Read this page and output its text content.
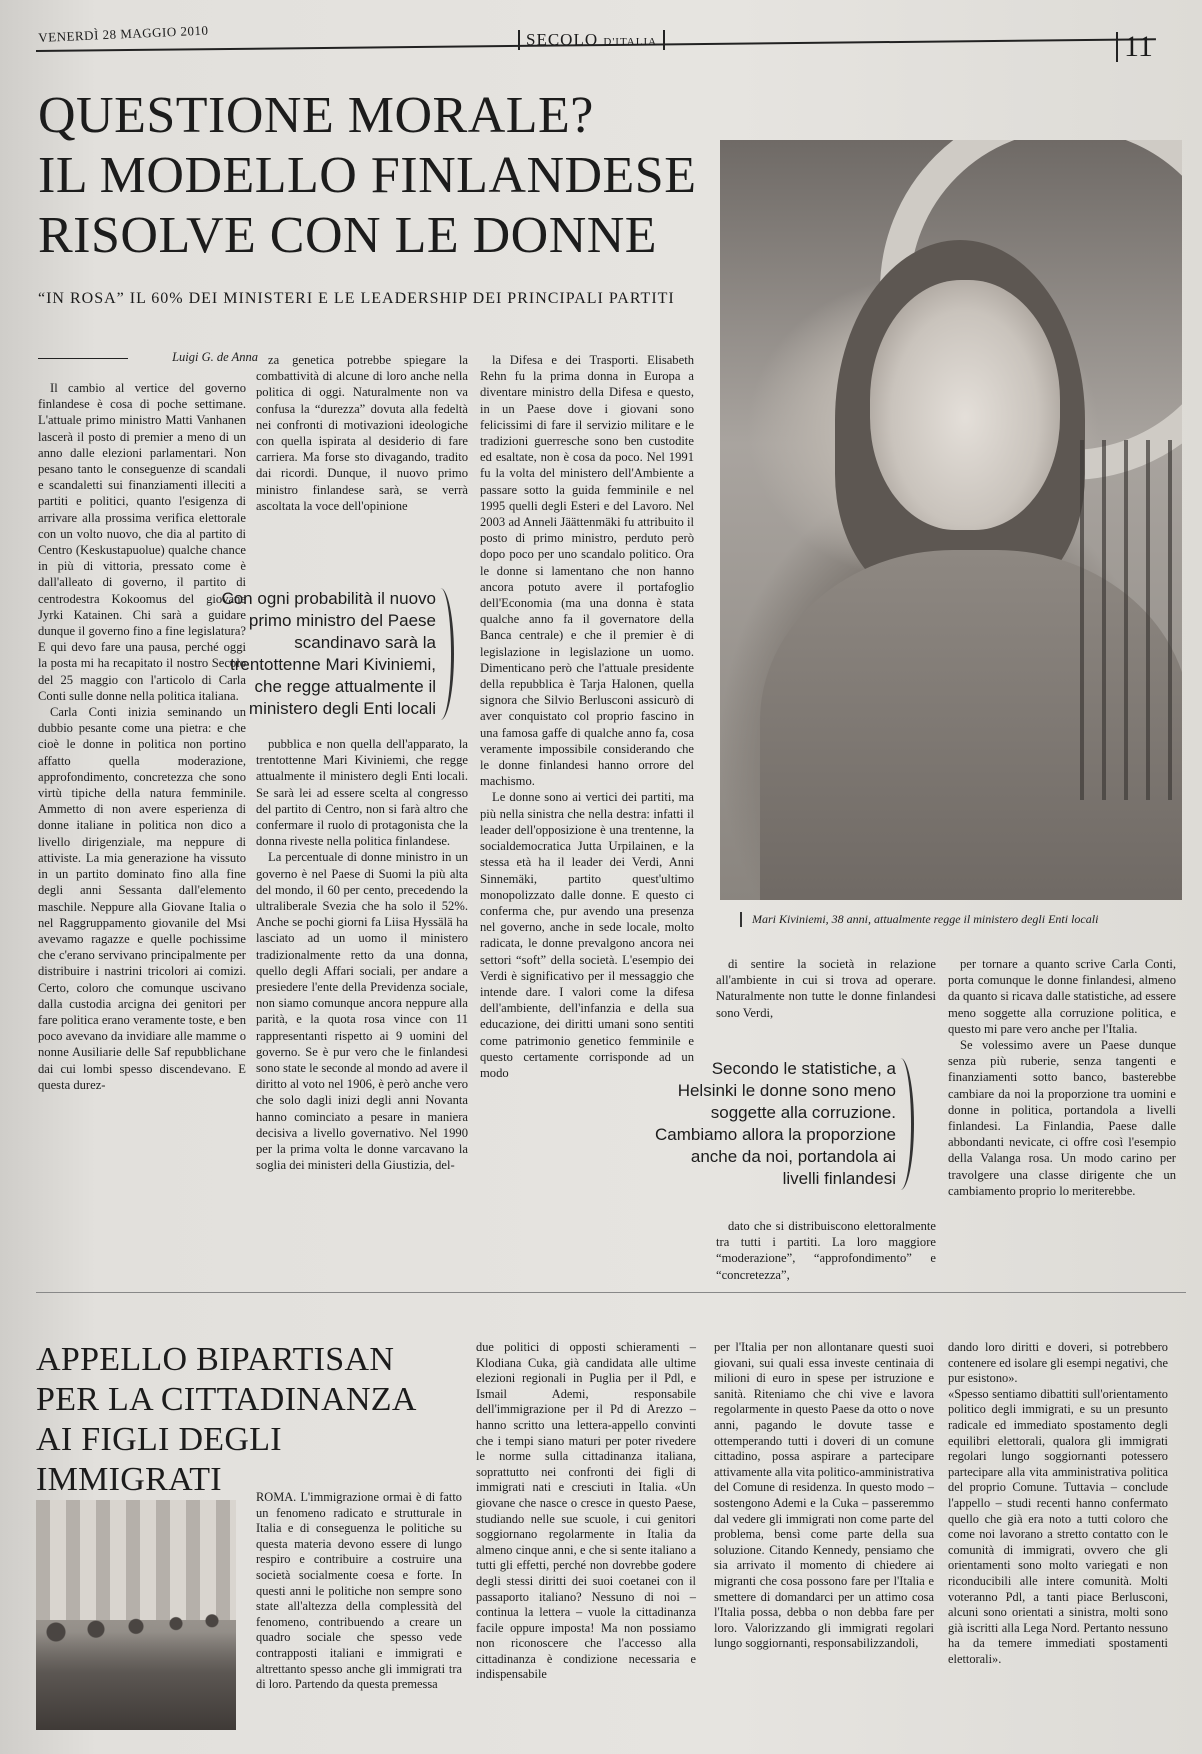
VENERDÌ 28 MAGGIO 2010	SECOLO D'ITALIA	11
QUESTIONE MORALE?
IL MODELLO FINLANDESE
RISOLVE CON LE DONNE
“IN ROSA” IL 60% DEI MINISTERI E LE LEADERSHIP DEI PRINCIPALI PARTITI
Mari Kiviniemi, 38 anni, attualmente regge il ministero degli Enti locali
Luigi G. de Anna

Il cambio al vertice del governo finlandese è cosa di poche settimane. L'attuale primo ministro Matti Vanhanen lascerà il posto di premier a meno di un anno dalle elezioni parlamentari. Non pesano tanto le conseguenze di scandali e scandaletti sui finanziamenti illeciti a partiti e politici, quanto l'esigenza di arrivare alla prossima verifica elettorale con un volto nuovo, che dia al partito di Centro (Keskustapuolue) qualche chance in più di vittoria, pressato come è dall'alleato di governo, il partito di centrodestra Kokoomus del giovane Jyrki Katainen. Chi sarà a guidare dunque il governo fino a fine legislatura? E qui devo fare una pausa, perché oggi la posta mi ha recapitato il nostro Secolo del 25 maggio con l'articolo di Carla Conti sulle donne nella politica italiana.

Carla Conti inizia seminando un dubbio pesante come una pietra: e che cioè le donne in politica non portino affatto quella moderazione, approfondimento, concretezza che sono virtù tipiche della natura femminile. Ammetto di non avere esperienza di donne italiane in politica non dico a livello dirigenziale, ma neppure di attiviste. La mia generazione ha vissuto in un partito dominato fino alla fine degli anni Sessanta dall'elemento maschile. Neppure alla Giovane Italia o nel Raggruppamento giovanile del Msi avevamo ragazze e quelle pochissime che c'erano servivano principalmente per distribuire i nastrini tricolori ai comizi. Certo, coloro che comunque uscivano dalla custodia arcigna dei genitori per fare politica erano veramente toste, e ben poco avevano da invidiare alle mamme o nonne Ausiliarie delle Saf repubblichane dai cui lombi spesso discendevano. E questa durez-

za genetica potrebbe spiegare la combattività di alcune di loro anche nella politica di oggi. Naturalmente non va confusa la “durezza” dovuta alla fedeltà nei confronti di motivazioni ideologiche con quella ispirata al desiderio di fare carriera. Ma forse sto divagando, tradito dai ricordi. Dunque, il nuovo primo ministro finlandese sarà, se verrà ascoltata la voce dell'opinione

Con ogni probabilità il nuovo primo ministro del Paese scandinavo sarà la trentottenne Mari Kiviniemi, che regge attualmente il ministero degli Enti locali

pubblica e non quella dell'apparato, la trentottenne Mari Kiviniemi, che regge attualmente il ministero degli Enti locali. Se sarà lei ad essere scelta al congresso del partito di Centro, non si farà altro che confermare il ruolo di protagonista che la donna riveste nella politica finlandese.

La percentuale di donne ministro in un governo è nel Paese di Suomi la più alta del mondo, il 60 per cento, precedendo la ultraliberale Svezia che ha solo il 52%. Anche se pochi giorni fa Liisa Hyssälä ha lasciato ad un uomo il ministero tradizionalmente retto da una donna, quello degli Affari sociali, per andare a presiedere l'ente della Previdenza sociale, non siamo comunque ancora neppure alla parità, e la quota rosa vince con 11 rappresentanti rispetto ai 9 uomini del governo. Se è pur vero che le finlandesi sono state le seconde al mondo ad avere il diritto al voto nel 1906, è però anche vero che solo dagli inizi degli anni Novanta hanno cominciato a pesare in maniera decisiva a livello governativo. Nel 1990 per la prima volta le donne varcavano la soglia dei ministeri della Giustizia, del-

la Difesa e dei Trasporti. Elisabeth Rehn fu la prima donna in Europa a diventare ministro della Difesa e questo, in un Paese dove i giovani sono felicissimi di fare il servizio militare e le tradizioni guerresche sono ben custodite ed esaltate, non è cosa da poco. Nel 1991 fu la volta del ministero dell'Ambiente a passare sotto la guida femminile e nel 1995 quelli degli Esteri e del Lavoro. Nel 2003 ad Anneli Jäättenmäki fu attribuito il posto di primo ministro, perduto però dopo poco per uno scandalo politico. Ora le donne si lamentano che non hanno ancora potuto avere il portafoglio dell'Economia (ma una donna è stata qualche anno fa il governatore della Banca centrale) e che il premier è di legislazione in legislazione un uomo. Dimenticano però che l'attuale presidente della repubblica è Tarja Halonen, quella signora che Silvio Berlusconi assicurò di aver conquistato col proprio fascino in una famosa gaffe di qualche anno fa, cosa veramente impossibile considerando che le donne finlandesi hanno orrore del machismo.

Le donne sono ai vertici dei partiti, ma più nella sinistra che nella destra: infatti il leader dell'opposizione è una trentenne, la socialdemocratica Jutta Urpilainen, e la stessa età ha il leader dei Verdi, Anni Sinnemäki, partito quest'ultimo monopolizzato dalle donne. E questo ci conferma che, pur avendo una presenza nel governo, anche in sede locale, molto radicata, le donne prevalgono ancora nei settori “soft” della società. L'esempio dei Verdi è significativo per il messaggio che intende dare. I valori come la difesa dell'ambiente, dell'infanzia e della sua educazione, dei diritti umani sono sentiti come patrimonio genetico femminile e questo certamente corrisponde ad un modo

di sentire la società in relazione all'ambiente in cui si trova ad operare. Naturalmente non tutte le donne finlandesi sono Verdi,

Secondo le statistiche, a Helsinki le donne sono meno soggette alla corruzione. Cambiamo allora la proporzione anche da noi, portandola ai livelli finlandesi

dato che si distribuiscono elettoralmente tra tutti i partiti. La loro maggiore “moderazione”, “approfondimento” e “concretezza”,

per tornare a quanto scrive Carla Conti, porta comunque le donne finlandesi, almeno da quanto si ricava dalle statistiche, ad essere meno soggette alla corruzione politica, e questo mi pare vero anche per l'Italia.

Se volessimo avere un Paese dunque senza più ruberie, senza tangenti e finanziamenti sotto banco, basterebbe cambiare da noi la proporzione tra uomini e donne in politica, portandola a livelli finlandesi. La Finlandia, Paese dalle abbondanti nevicate, ci offre così l'esempio della Valanga rosa. Un modo carino per travolgere una classe dirigente che un cambiamento proprio lo meriterebbe.

APPELLO BIPARTISAN
PER LA CITTADINANZA
AI FIGLI DEGLI IMMIGRATI	ROMA. L'immigrazione ormai è di fatto un fenomeno radicato e strutturale in Italia e di conseguenza le politiche su questa materia devono essere di lungo respiro e contribuire a costruire una società socialmente coesa e forte. In questi anni le politiche non sempre sono state all'altezza della complessità del fenomeno, contribuendo a creare un quadro sociale che spesso vede contrapposti italiani e immigrati e altrettanto spesso anche gli immigrati tra di loro. Partendo da questa premessa

due politici di opposti schieramenti – Klodiana Cuka, già candidata alle ultime elezioni regionali in Puglia per il Pdl, e Ismail Ademi, responsabile dell'immigrazione per il Pd di Arezzo – hanno scritto una lettera-appello convinti che i tempi siano maturi per poter rivedere le norme sulla cittadinanza italiana, soprattutto nei confronti dei figli di immigrati nati e cresciuti in Italia. «Un giovane che nasce o cresce in questo Paese, studiando nelle sue scuole, i cui genitori soggiornano regolarmente in Italia da almeno cinque anni, e che si sente italiano a tutti gli effetti, perché non dovrebbe godere degli stessi diritti dei suoi coetanei con il passaporto italiano? Nessuno di noi – continua la lettera – vuole la cittadinanza facile oppure imposta! Ma non possiamo non riconoscere che l'accesso alla cittadinanza è condizione necessaria e indispensabile

per l'Italia per non allontanare questi suoi giovani, sui quali essa investe centinaia di milioni di euro in spese per istruzione e sanità. Riteniamo che chi vive e lavora regolarmente in questo Paese da otto o nove anni, pagando le dovute tasse e ottemperando tutti i doveri di un comune cittadino, possa aspirare a partecipare attivamente alla vita politico-amministrativa del Comune di residenza. In questo modo – sostengono Ademi e la Cuka – passeremmo dal vedere gli immigrati non come parte del problema, bensì come parte della sua soluzione. Citando Kennedy, pensiamo che sia arrivato il momento di chiedere ai migranti che cosa possono fare per l'Italia e smettere di domandarci per un attimo cosa l'Italia possa, debba o non debba fare per loro. Valorizzando gli immigrati regolari lungo soggiornanti, responsabilizzandoli,

dando loro diritti e doveri, si potrebbero contenere ed isolare gli esempi negativi, che pur esistono».

«Spesso sentiamo dibattiti sull'orientamento politico degli immigrati, e su un presunto radicale ed immediato spostamento degli equilibri elettorali, qualora gli immigrati regolari lungo soggiornanti potessero partecipare alla vita amministrativa politica del proprio Comune. Tuttavia – conclude l'appello – studi recenti hanno confermato quello che già era noto a tutti coloro che come noi lavorano a stretto contatto con le comunità di immigrati, ovvero che gli orientamenti sono molto variegati e non riconducibili alle intere comunità. Molti voteranno Pdl, a tanti piace Berlusconi, alcuni sono orientati a sinistra, molti sono già iscritti alla Lega Nord. Pertanto nessuno ha da temere immediati spostamenti elettorali».
